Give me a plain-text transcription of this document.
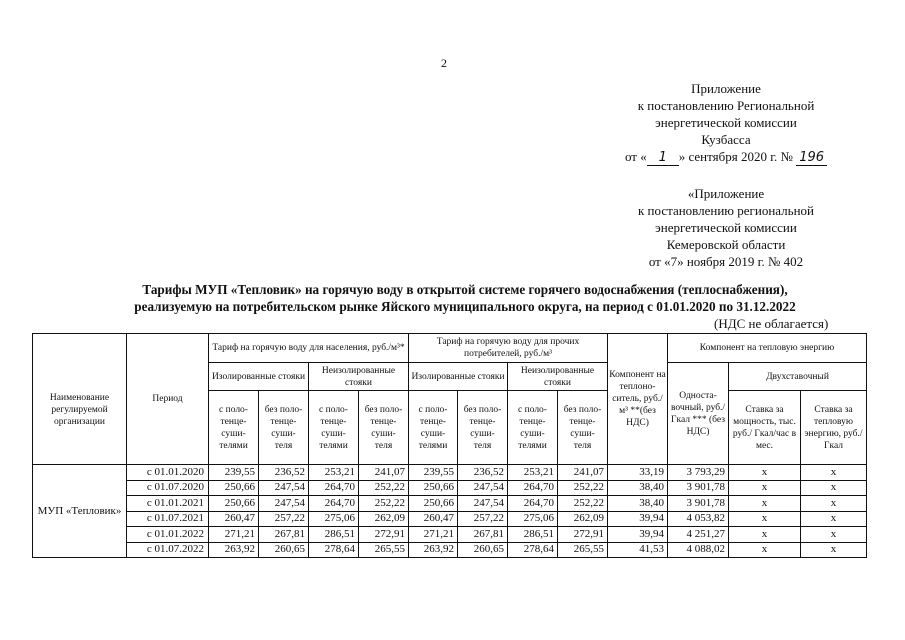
2
Приложение
к постановлению Региональной
энергетической комиссии
Кузбасса
от « 1 » сентября 2020 г. № 196
«Приложение
к постановлению региональной
энергетической комиссии
Кемеровской области
от «7» ноября 2019 г. № 402
Тарифы МУП «Тепловик» на горячую воду в открытой системе горячего водоснабжения (теплоснабжения),
реализуемую на потребительском рынке Яйского муниципального округа, на период с 01.01.2020 по 31.12.2022
(НДС не облагается)
Наименование регулируемой организации	Период	Тариф на горячую воду для населения, руб./м³*				Тариф на горячую воду для прочих потребителей, руб./м³				Компонент на теплоно-ситель, руб./м³ **(без НДС)	Компонент на тепловую энергию		
		Изолированные стояки		Неизолированные стояки		Изолированные стояки		Неизолированные стояки			Односта-вочный, руб./Гкал *** (без НДС)	Двухставочный	
		с поло-тенце-суши-телями	без поло-тенце-суши-теля	с поло-тенце-суши-телями	без поло-тенце-суши-теля	с поло-тенце-суши-телями	без поло-тенце-суши-теля	с поло-тенце-суши-телями	без поло-тенце-суши-теля			Ставка за мощность, тыс. руб./ Гкал/час в мес.	Ставка за тепловую энергию, руб./Гкал
МУП «Тепловик»	с 01.01.2020	239,55	236,52	253,21	241,07	239,55	236,52	253,21	241,07	33,19	3 793,29	х	х
	с 01.07.2020	250,66	247,54	264,70	252,22	250,66	247,54	264,70	252,22	38,40	3 901,78	х	х
	с 01.01.2021	250,66	247,54	264,70	252,22	250,66	247,54	264,70	252,22	38,40	3 901,78	х	х
	с 01.07.2021	260,47	257,22	275,06	262,09	260,47	257,22	275,06	262,09	39,94	4 053,82	х	х
	с 01.01.2022	271,21	267,81	286,51	272,91	271,21	267,81	286,51	272,91	39,94	4 251,27	х	х
	с 01.07.2022	263,92	260,65	278,64	265,55	263,92	260,65	278,64	265,55	41,53	4 088,02	х	х
